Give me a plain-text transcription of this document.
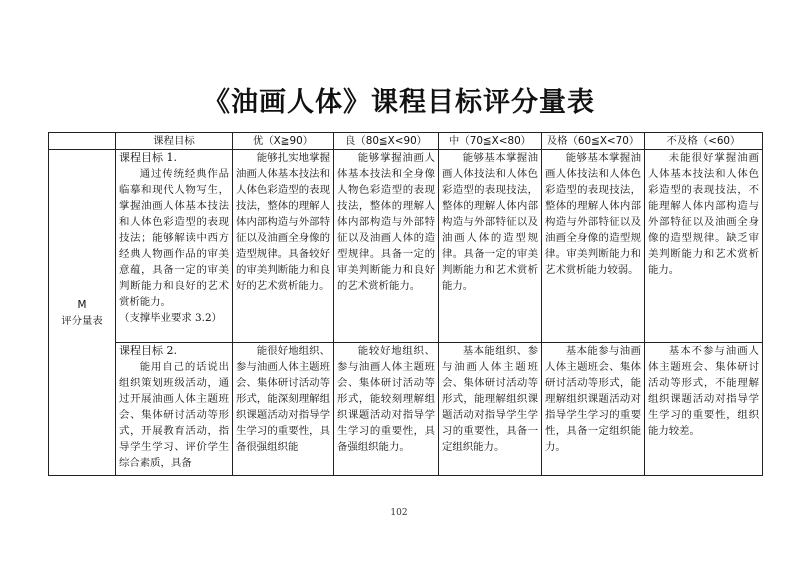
《油画人体》课程目标评分量表
	课程目标	优（X≧90）	良（80≦X<90）	中（70≦X<80）	及格（60≦X<70）	不及格（<60）

M
评分量表	课程目标 1.
通过传统经典作品临摹和现代人物写生，掌握油画人体基本技法和人体色彩造型的表现技法；能够解读中西方经典人物画作品的审美意蕴，具备一定的审美判断能力和良好的艺术赏析能力。
（支撑毕业要求 3.2）	能够扎实地掌握油画人体基本技法和人体色彩造型的表现技法，整体的理解人体内部构造与外部特征以及油画全身像的造型规律。具备较好的审美判断能力和良好的艺术赏析能力。	能够掌握油画人体基本技法和全身像人物色彩造型的表现技法，整体的理解人体内部构造与外部特征以及油画人体的造型规律。具备一定的审美判断能力和良好的艺术赏析能力。	能够基本掌握油画人体技法和人体色彩造型的表现技法，整体的理解人体内部构造与外部特征以及油画人体的造型规律。具备一定的审美判断能力和艺术赏析能力。	能够基本掌握油画人体技法和人体色彩造型的表现技法，整体的理解人体内部构造与外部特征以及油画全身像的造型规律。审美判断能力和艺术赏析能力较弱。	未能很好掌握油画人体基本技法和人体色彩造型的表现技法，不能理解人体内部构造与外部特征以及油画全身像的造型规律。缺乏审美判断能力和艺术赏析能力。

	课程目标 2.
能用自己的话说出组织策划班级活动，通过开展油画人体主题班会、集体研讨活动等形式，开展教育活动，指导学生学习、评价学生综合素质，具备	能很好地组织、参与油画人体主题班会、集体研讨活动等形式，能深刻理解组织课题活动对指导学生学习的重要性，具备很强组织能	能较好地组织、参与油画人体主题班会、集体研讨活动等形式，能较刻理解组织课题活动对指导学生学习的重要性，具备强组织能力。	基本能组织、参与油画人体主题班会、集体研讨活动等形式，能理解组织课题活动对指导学生学习的重要性，具备一定组织能力。	基本能参与油画人体主题班会、集体研讨活动等形式，能理解组织课题活动对指导学生学习的重要性，具备一定组织能力。	基本不参与油画人体主题班会、集体研讨活动等形式，不能理解组织课题活动对指导学生学习的重要性，组织能力较差。
102
